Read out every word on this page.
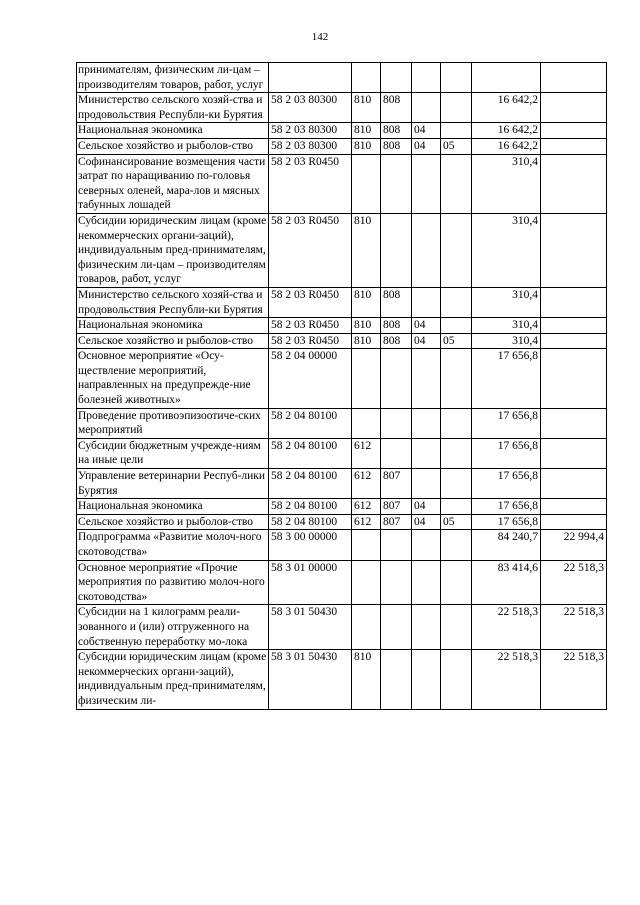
142
принимателям, физическим ли-цам – производителям товаров, работ, услуг							
Министерство сельского хозяй-ства и продовольствия Республи-ки Бурятия	58 2 03 80300	810	808			16 642,2	
Национальная экономика	58 2 03 80300	810	808	04		16 642,2	
Сельское хозяйство и рыболов-ство	58 2 03 80300	810	808	04	05	16 642,2	
Софинансирование возмещения части затрат по наращиванию по-головья северных оленей, мара-лов и мясных табунных лошадей	58 2 03 R0450					310,4	
Субсидии юридическим лицам (кроме некоммерческих органи-заций), индивидуальным пред-принимателям, физическим ли-цам – производителям товаров, работ, услуг	58 2 03 R0450	810				310,4	
Министерство сельского хозяй-ства и продовольствия Республи-ки Бурятия	58 2 03 R0450	810	808			310,4	
Национальная экономика	58 2 03 R0450	810	808	04		310,4	
Сельское хозяйство и рыболов-ство	58 2 03 R0450	810	808	04	05	310,4	
Основное мероприятие «Осу-ществление мероприятий, направленных на предупрежде-ние болезней животных»	58 2 04 00000					17 656,8	
Проведение противоэпизоотиче-ских мероприятий	58 2 04 80100					17 656,8	
Субсидии бюджетным учрежде-ниям на иные цели	58 2 04 80100	612				17 656,8	
Управление ветеринарии Респуб-лики Бурятия	58 2 04 80100	612	807			17 656,8	
Национальная экономика	58 2 04 80100	612	807	04		17 656,8	
Сельское хозяйство и рыболов-ство	58 2 04 80100	612	807	04	05	17 656,8	
Подпрограмма «Развитие молоч-ного скотоводства»	58 3 00 00000					84 240,7	22 994,4
Основное мероприятие «Прочие мероприятия по развитию молоч-ного скотоводства»	58 3 01 00000					83 414,6	22 518,3
Субсидии на 1 килограмм реали-зованного и (или) отгруженного на собственную переработку мо-лока	58 3 01 50430					22 518,3	22 518,3
Субсидии юридическим лицам (кроме некоммерческих органи-заций), индивидуальным пред-принимателям, физическим ли-	58 3 01 50430	810				22 518,3	22 518,3
